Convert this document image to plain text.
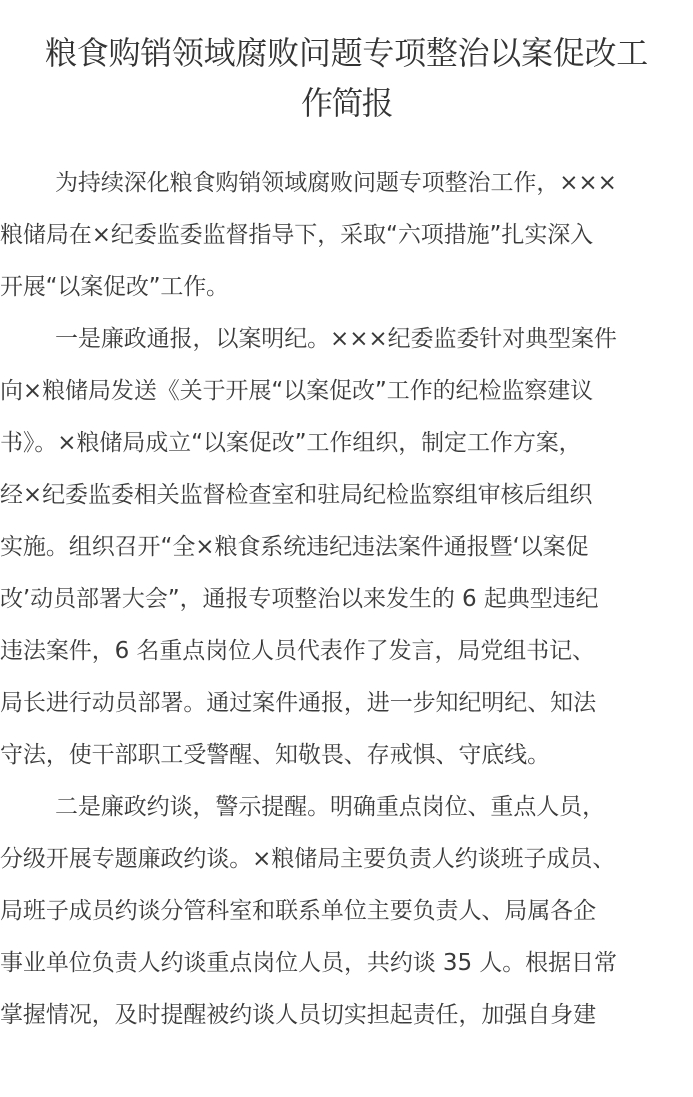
粮食购销领域腐败问题专项整治以案促改工
作简报
为持续深化粮食购销领域腐败问题专项整治工作，×××
粮储局在×纪委监委监督指导下，采取“六项措施”扎实深入
开展“以案促改”工作。
一是廉政通报，以案明纪。×××纪委监委针对典型案件
向×粮储局发送《关于开展“以案促改”工作的纪检监察建议
书》。×粮储局成立“以案促改”工作组织，制定工作方案，
经×纪委监委相关监督检查室和驻局纪检监察组审核后组织
实施。组织召开“全×粮食系统违纪违法案件通报暨‘以案促
改’动员部署大会”，通报专项整治以来发生的 6 起典型违纪
违法案件，6 名重点岗位人员代表作了发言，局党组书记、
局长进行动员部署。通过案件通报，进一步知纪明纪、知法
守法，使干部职工受警醒、知敬畏、存戒惧、守底线。
二是廉政约谈，警示提醒。明确重点岗位、重点人员，
分级开展专题廉政约谈。×粮储局主要负责人约谈班子成员、
局班子成员约谈分管科室和联系单位主要负责人、局属各企
事业单位负责人约谈重点岗位人员，共约谈 35 人。根据日常
掌握情况，及时提醒被约谈人员切实担起责任，加强自身建
